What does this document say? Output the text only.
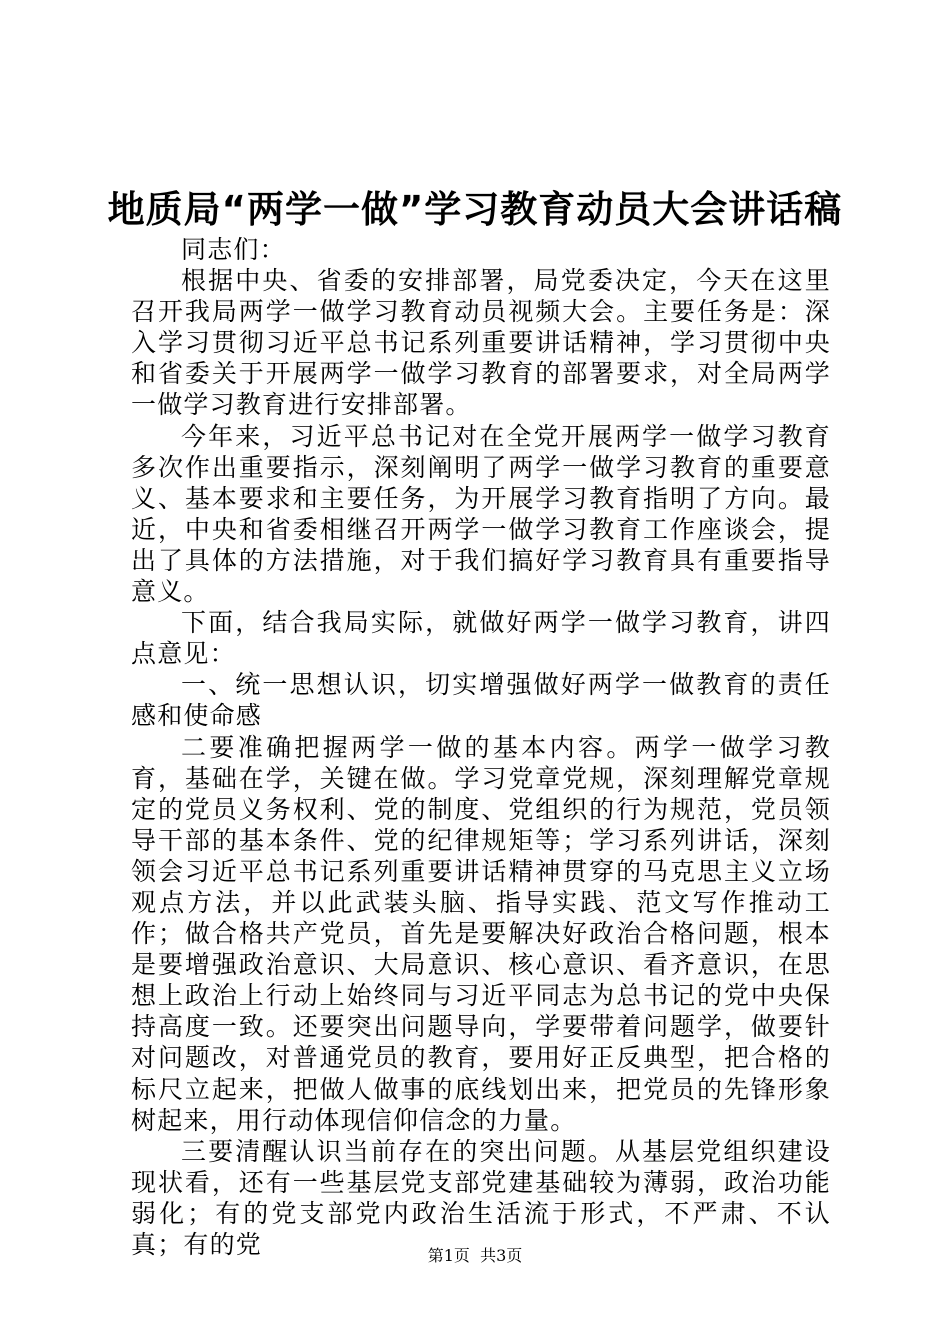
地质局“两学一做”学习教育动员大会讲话稿

同志们：

根据中央、省委的安排部署，局党委决定，今天在这里召开我局两学一做学习教育动员视频大会。主要任务是：深入学习贯彻习近平总书记系列重要讲话精神，学习贯彻中央和省委关于开展两学一做学习教育的部署要求，对全局两学一做学习教育进行安排部署。

今年来，习近平总书记对在全党开展两学一做学习教育多次作出重要指示，深刻阐明了两学一做学习教育的重要意义、基本要求和主要任务，为开展学习教育指明了方向。最近，中央和省委相继召开两学一做学习教育工作座谈会，提出了具体的方法措施，对于我们搞好学习教育具有重要指导意义。

下面，结合我局实际，就做好两学一做学习教育，讲四点意见：

一、统一思想认识，切实增强做好两学一做教育的责任感和使命感

二要准确把握两学一做的基本内容。两学一做学习教育，基础在学，关键在做。学习党章党规，深刻理解党章规定的党员义务权利、党的制度、党组织的行为规范，党员领导干部的基本条件、党的纪律规矩等；学习系列讲话，深刻领会习近平总书记系列重要讲话精神贯穿的马克思主义立场观点方法，并以此武装头脑、指导实践、范文写作推动工作；做合格共产党员，首先是要解决好政治合格问题，根本是要增强政治意识、大局意识、核心意识、看齐意识，在思想上政治上行动上始终同与习近平同志为总书记的党中央保持高度一致。还要突出问题导向，学要带着问题学，做要针对问题改，对普通党员的教育，要用好正反典型，把合格的标尺立起来，把做人做事的底线划出来，把党员的先锋形象树起来，用行动体现信仰信念的力量。

三要清醒认识当前存在的突出问题。从基层党组织建设现状看，还有一些基层党支部党建基础较为薄弱，政治功能弱化；有的党支部党内政治生活流于形式，不严肃、不认真；有的党	第1页 共3页
